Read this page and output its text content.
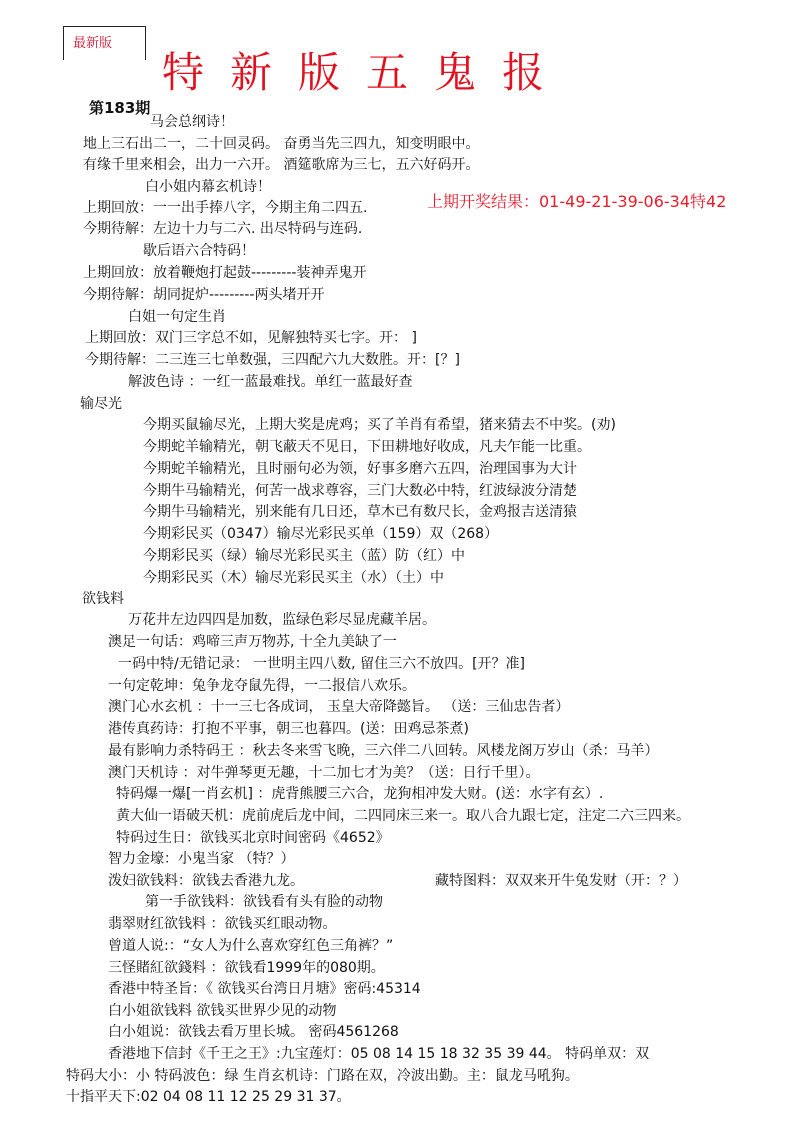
最新版
特新版五鬼报
第183期
上期开奖结果：01-49-21-39-06-34特42
马会总纲诗！
地上三石出二一，二十回灵码。 奋勇当先三四九，知变明眼中。
有缘千里来相会，出力一六开。 酒筵歌席为三七，五六好码开。
白小姐内幕玄机诗！
上期回放：一一出手捧八字，今期主角二四五.
今期待解：左边十力与二六. 出尽特码与连码.
歇后语六合特码！
上期回放：放着鞭炮打起鼓---------装神弄鬼开
今期待解：胡同捉炉---------两头堵开开
白姐一句定生肖
上期回放：双门三字总不如，见解独特买七字。开： ]
今期待解：二三连三七单数强，三四配六九大数胜。开：[？]
解波色诗 ：一红一蓝最难找。单红一蓝最好查
输尽光
今期买鼠输尽光，上期大奖是虎鸡；买了羊肖有希望，猪来猜去不中奖。(劝)
今期蛇羊输精光，朝飞蔽天不见日，下田耕地好收成，凡夫乍能一比重。
今期蛇羊输精光，且时丽句必为领，好事多磨六五四，治理国事为大计
今期牛马输精光，何苦一战求尊容，三门大数必中特，红波绿波分清楚
今期牛马输精光，别来能有几日还，草木已有数尺长，金鸡报吉送清猿
今期彩民买（0347）输尽光彩民买单（159）双（268）
今期彩民买（绿）输尽光彩民买主（蓝）防（红）中
今期彩民买（木）输尽光彩民买主（水）（土）中
欲钱料
万花井左边四四是加数，监绿色彩尽显虎藏羊居。
澳足一句话：鸡啼三声万物苏, 十全九美缺了一
一码中特/无错记录： 一世明主四八数, 留住三六不放四。[开？准]
一句定乾坤：兔争龙夺鼠先得，一二报信八欢乐。
澳门心水玄机 ：十一三七各成词， 玉皇大帝降懿旨。 （送：三仙忠告者）
港传真药诗：打抱不平事，朝三也暮四。(送：田鸡忌茶煮)
最有影响力杀特码王 ：秋去冬来雪飞晚，三六伴二八回转。风楼龙阁万岁山（杀：马羊）
澳门天机诗 ：对牛弹琴更无趣，十二加七才为美？（送：日行千里）。
特码爆一爆[一肖玄机] ：虎背熊腰三六合，龙狗相冲发大财。(送：水字有玄）.
黄大仙一语破天机：虎前虎后龙中间，二四同床三来一。取八合九跟七定，注定二六三四来。
特码过生日：欲钱买北京时间密码《4652》
智力金壕：小鬼当家 （特？）
泼妇欲钱料：欲钱去香港九龙。	藏特图料：双双来开牛兔发财（开：？）
第一手欲钱料：欲钱看有头有脸的动物
翡翠财红欲钱料 ：欲钱买红眼动物。
曾道人说:：“女人为什么喜欢穿红色三角裤？”
三怪賭紅欲錢料 ：欲钱看1999年的080期。
香港中特圣旨：《 欲钱买台湾日月塘》密码:45314
白小姐欲钱料 欲钱买世界少见的动物
白小姐说：欲钱去看万里长城。 密码4561268
香港地下信封《千王之王》:九宝莲灯：05 08 14 15 18 32 35 39 44。 特码单双：双
特码大小：小 特码波色：绿 生肖玄机诗：门路在双，冷波出勤。主：鼠龙马吼狗。
十指平天下:02 04 08 11 12 25 29 31 37。
